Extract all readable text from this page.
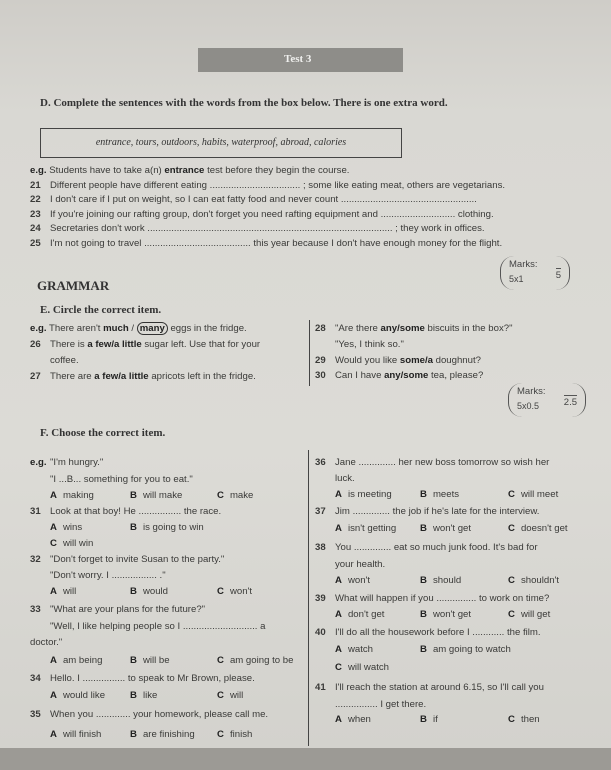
Test 3
D. Complete the sentences with the words from the box below. There is one extra word.
entrance, tours, outdoors, habits, waterproof, abroad, calories
e.g. Students have to take a(n) entrance test before they begin the course.
21 Different people have different eating .................................. ; some like eating meat, others are vegetarians.
22 I don't care if I put on weight, so I can eat fatty food and never count ...................................................
23 If you're joining our rafting group, don't forget you need rafting equipment and ............................ clothing.
24 Secretaries don't work ............................................................................................ ; they work in offices.
25 I'm not going to travel ........................................ this year because I don't have enough money for the flight.
Marks:
5x1	5
GRAMMAR
E. Circle the correct item.
e.g. There aren't much / many eggs in the fridge.
26 There is a few/a little sugar left. Use that for your
coffee.
27 There are a few/a little apricots left in the fridge.
28 "Are there any/some biscuits in the box?"
"Yes, I think so."
29 Would you like some/a doughnut?
30 Can I have any/some tea, please?
Marks:
5x0.5	2.5
F. Choose the correct item.
e.g. "I'm hungry."
"I ...B... something for you to eat."
A making	B will make	C make
31 Look at that boy! He ................ the race.
A wins	B is going to win
C will win
32 "Don't forget to invite Susan to the party."
"Don't worry. I ................. ."
A will	B would	C won't
33 "What are your plans for the future?"
"Well, I like helping people so I ............................ a
doctor."
A am being	B will be	C am going to be
34 Hello. I ................ to speak to Mr Brown, please.
A would like	B like	C will
35 When you ............. your homework, please call me.
A will finish	B are finishing C finish
36 Jane .............. her new boss tomorrow so wish her
luck.
A is meeting	B meets	C will meet
37 Jim .............. the job if he's late for the interview.
A isn't getting B won't get	C doesn't get
38 You .............. eat so much junk food. It's bad for
your health.
A won't	B should	C shouldn't
39 What will happen if you ............... to work on time?
A don't get	B won't get	C will get
40 I'll do all the housework before I ............ the film.
A watch	B am going to watch
C will watch
41 I'll reach the station at around 6.15, so I'll call you
................ I get there.
A when	B if	C then
